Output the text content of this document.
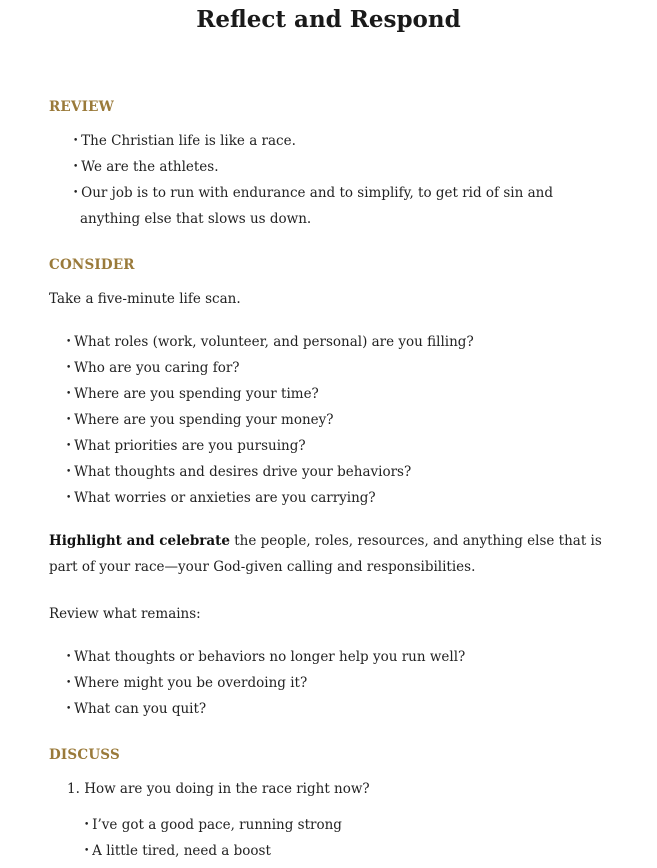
Reflect and Respond
REVIEW
• The Christian life is like a race.
• We are the athletes.
• Our job is to run with endurance and to simplify, to get rid of sin and anything else that slows us down.
CONSIDER

Take a five-minute life scan.

• What roles (work, volunteer, and personal) are you filling?
• Who are you caring for?
• Where are you spending your time?
• Where are you spending your money?
• What priorities are you pursuing?
• What thoughts and desires drive your behaviors?
• What worries or anxieties are you carrying?

Highlight and celebrate the people, roles, resources, and anything else that is part of your race—your God-given calling and responsibilities.

Review what remains:

• What thoughts or behaviors no longer help you run well?
• Where might you be overdoing it?
• What can you quit?
DISCUSS
1. How are you doing in the race right now?
• I’ve got a good pace, running strong
• A little tired, need a boost
